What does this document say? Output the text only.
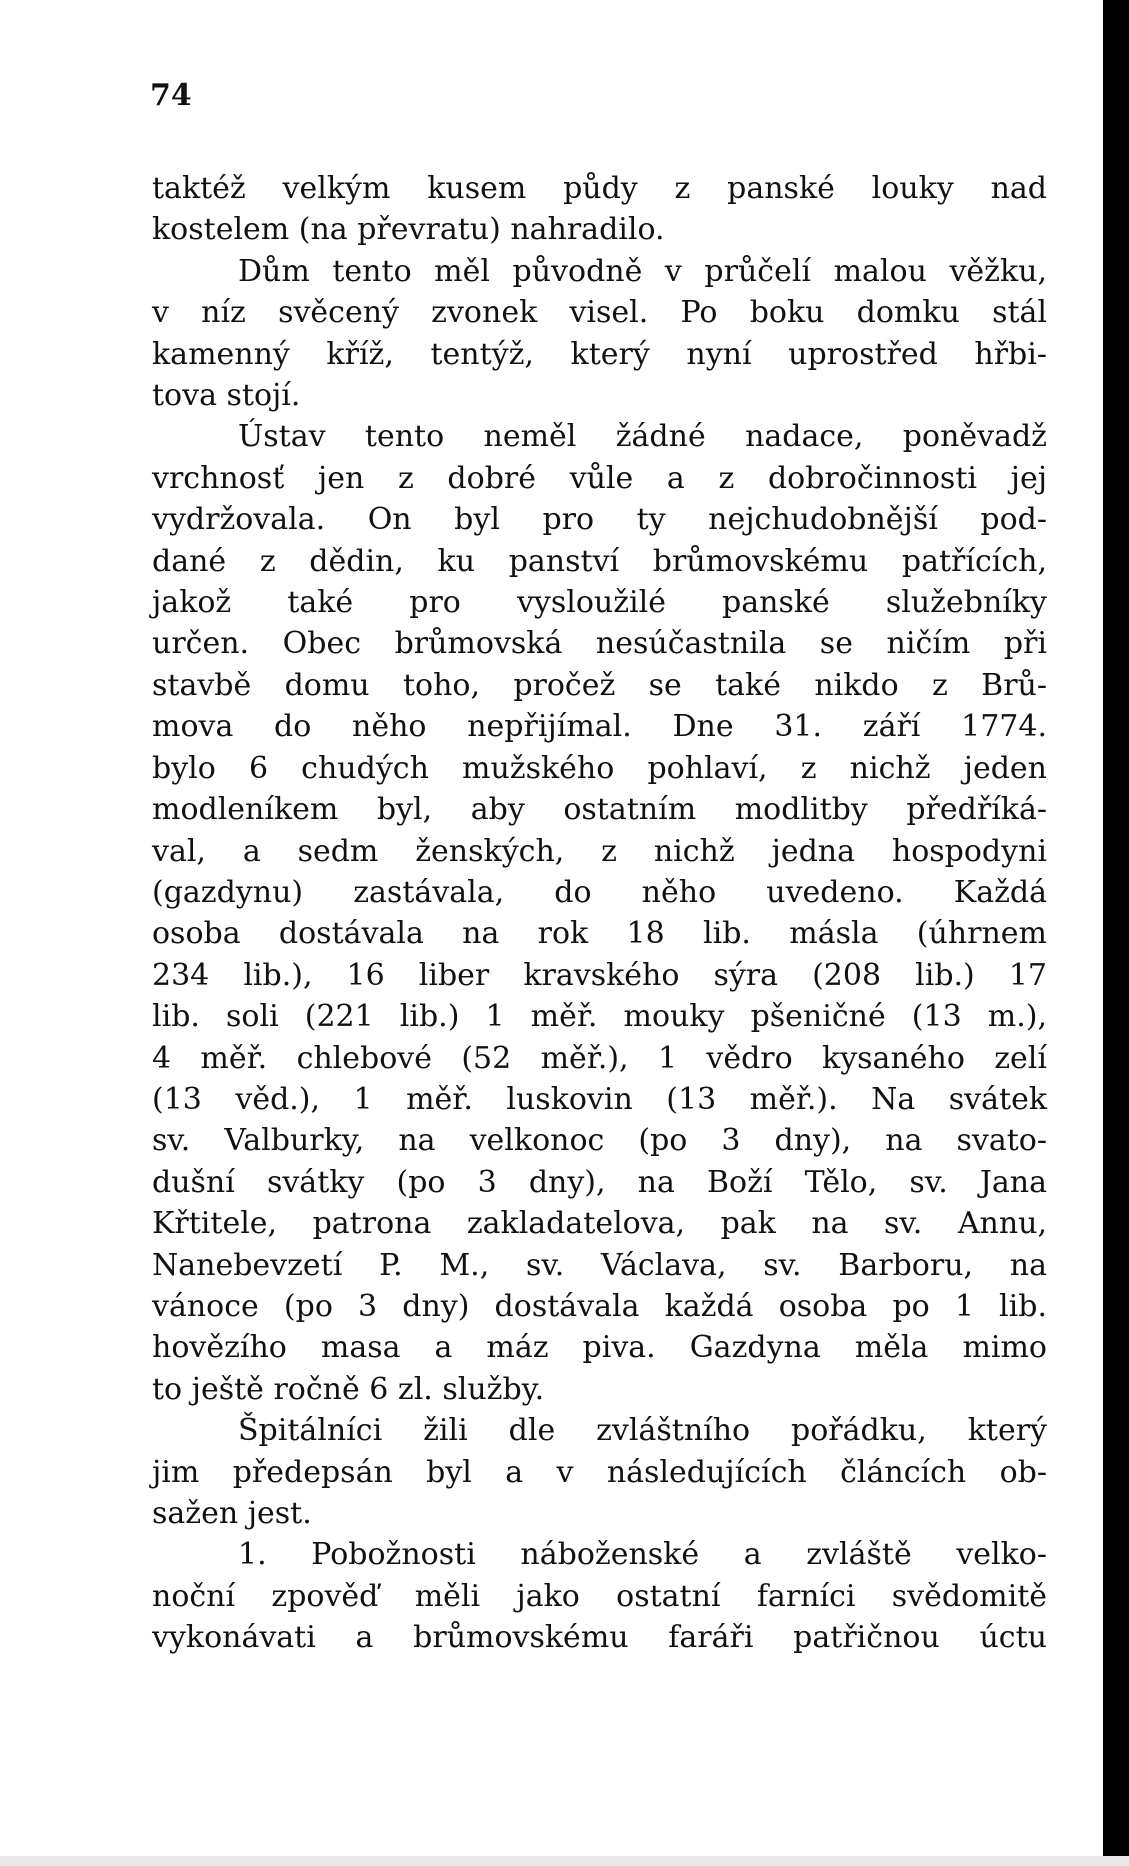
74

taktéž velkým kusem půdy z panské louky nad
kostelem (na převratu) nahradilo.
Dům tento měl původně v průčelí malou věžku,
v níz svěcený zvonek visel. Po boku domku stál
kamenný kříž, tentýž, který nyní uprostřed hřbi-
tova stojí.
Ústav tento neměl žádné nadace, poněvadž
vrchnosť jen z dobré vůle a z dobročinnosti jej
vydržovala. On byl pro ty nejchudobnější pod-
dané z dědin, ku panství brůmovskému patřících,
jakož také pro vysloužilé panské služebníky
určen. Obec brůmovská nesúčastnila se ničím při
stavbě domu toho, pročež se také nikdo z Brů-
mova do něho nepřijímal. Dne 31. září 1774.
bylo 6 chudých mužského pohlaví, z nichž jeden
modleníkem byl, aby ostatním modlitby předříká-
val, a sedm ženských, z nichž jedna hospodyni
(gazdynu) zastávala, do něho uvedeno. Každá
osoba dostávala na rok 18 lib. másla (úhrnem
234 lib.), 16 liber kravského sýra (208 lib.) 17
lib. soli (221 lib.) 1 měř. mouky pšeničné (13 m.),
4 měř. chlebové (52 měř.), 1 vědro kysaného zelí
(13 věd.), 1 měř. luskovin (13 měř.). Na svátek
sv. Valburky, na velkonoc (po 3 dny), na svato-
dušní svátky (po 3 dny), na Boží Tělo, sv. Jana
Křtitele, patrona zakladatelova, pak na sv. Annu,
Nanebevzetí P. M., sv. Václava, sv. Barboru, na
vánoce (po 3 dny) dostávala každá osoba po 1 lib.
hovězího masa a máz piva. Gazdyna měla mimo
to ještě ročně 6 zl. služby.
Špitálníci žili dle zvláštního pořádku, který
jim předepsán byl a v následujících článcích ob-
sažen jest.
1. Pobožnosti náboženské a zvláště velko-
noční zpověď měli jako ostatní farníci svědomitě
vykonávati a brůmovskému faráři patřičnou úctu
